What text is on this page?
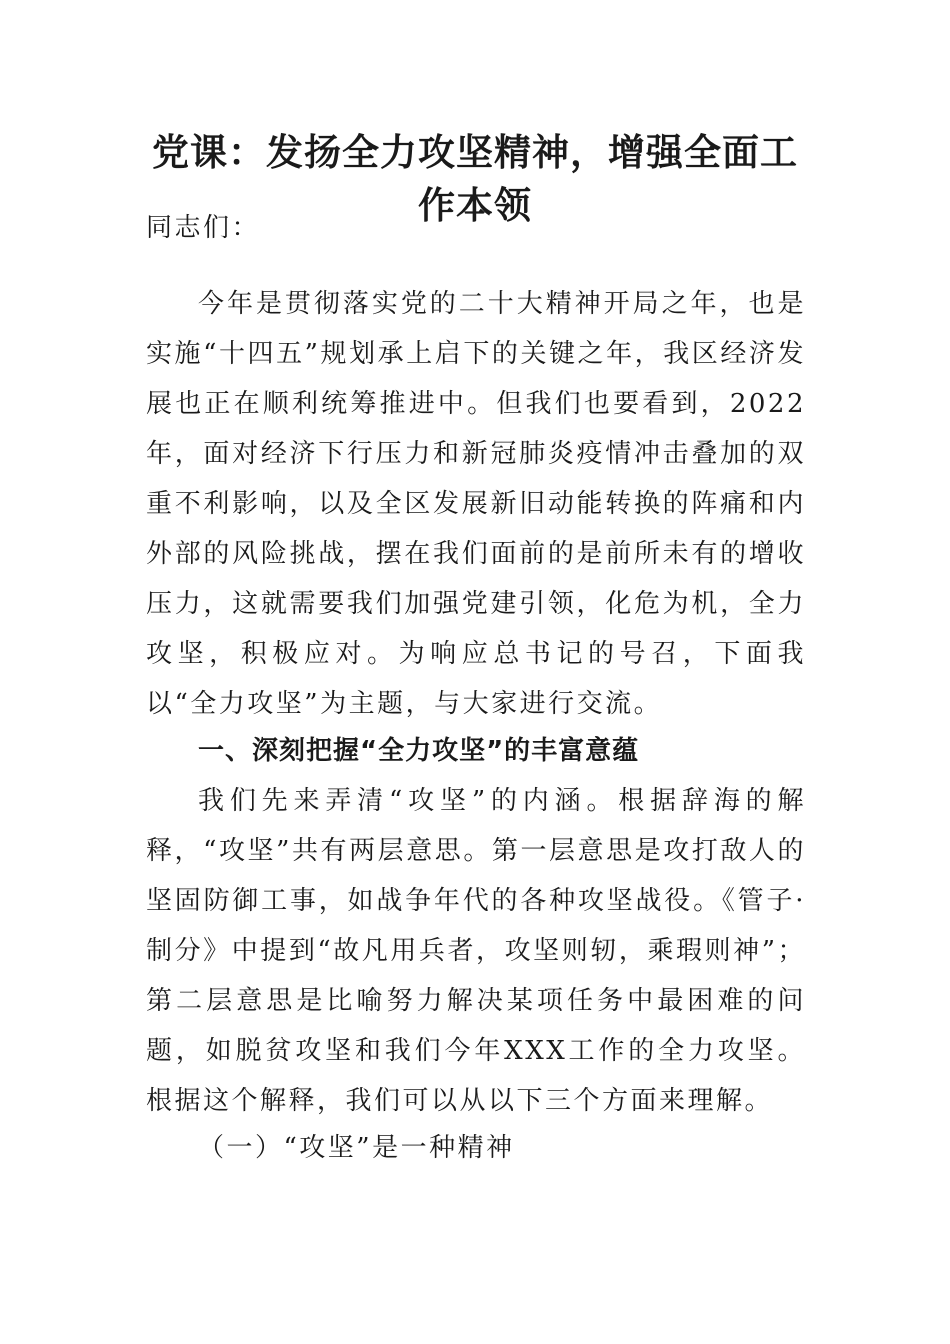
党课：发扬全力攻坚精神，增强全面工作本领

同志们：

今年是贯彻落实党的二十大精神开局之年，也是实施“十四五”规划承上启下的关键之年，我区经济发展也正在顺利统筹推进中。但我们也要看到，2022年，面对经济下行压力和新冠肺炎疫情冲击叠加的双重不利影响，以及全区发展新旧动能转换的阵痛和内外部的风险挑战，摆在我们面前的是前所未有的增收压力，这就需要我们加强党建引领，化危为机，全力攻坚，积极应对。为响应总书记的号召，下面我以“全力攻坚”为主题，与大家进行交流。

一、深刻把握“全力攻坚”的丰富意蕴

我们先来弄清“攻坚”的内涵。根据辞海的解释，“攻坚”共有两层意思。第一层意思是攻打敌人的坚固防御工事，如战争年代的各种攻坚战役。《管子·制分》中提到“故凡用兵者，攻坚则轫，乘瑕则神”；第二层意思是比喻努力解决某项任务中最困难的问题，如脱贫攻坚和我们今年XXX工作的全力攻坚。根据这个解释，我们可以从以下三个方面来理解。

（一）“攻坚”是一种精神
